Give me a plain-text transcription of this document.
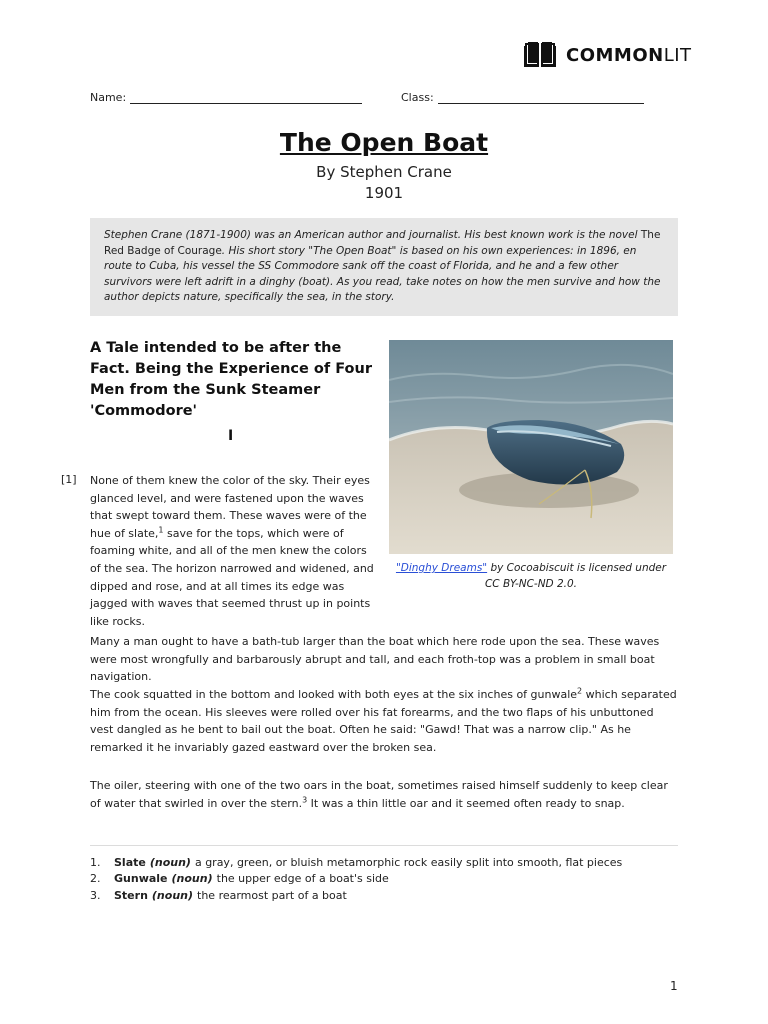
COMMONLIT
Name:	Class:
The Open Boat
By Stephen Crane
1901
Stephen Crane (1871-1900) was an American author and journalist. His best known work is the novel The Red Badge of Courage. His short story "The Open Boat" is based on his own experiences: in 1896, en route to Cuba, his vessel the SS Commodore sank off the coast of Florida, and he and a few other survivors were left adrift in a dinghy (boat). As you read, take notes on how the men survive and how the author depicts nature, specifically the sea, in the story.
A Tale intended to be after the Fact. Being the Experience of Four Men from the Sunk Steamer 'Commodore'
I
"Dinghy Dreams" by Cocoabiscuit is licensed under CC BY-NC-ND 2.0.
[1] None of them knew the color of the sky. Their eyes glanced level, and were fastened upon the waves that swept toward them. These waves were of the hue of slate,$^1$ save for the tops, which were of foaming white, and all of the men knew the colors of the sea. The horizon narrowed and widened, and dipped and rose, and at all times its edge was jagged with waves that seemed thrust up in points like rocks.
Many a man ought to have a bath-tub larger than the boat which here rode upon the sea. These waves were most wrongfully and barbarously abrupt and tall, and each froth-top was a problem in small boat navigation.
The cook squatted in the bottom and looked with both eyes at the six inches of gunwale$^2$ which separated him from the ocean. His sleeves were rolled over his fat forearms, and the two flaps of his unbuttoned vest dangled as he bent to bail out the boat. Often he said: "Gawd! That was a narrow clip." As he remarked it he invariably gazed eastward over the broken sea.
The oiler, steering with one of the two oars in the boat, sometimes raised himself suddenly to keep clear of water that swirled in over the stern.$^3$ It was a thin little oar and it seemed often ready to snap.
1.	Slate (noun) a gray, green, or bluish metamorphic rock easily split into smooth, flat pieces
2.	Gunwale (noun) the upper edge of a boat's side
3.	Stern (noun) the rearmost part of a boat
1
